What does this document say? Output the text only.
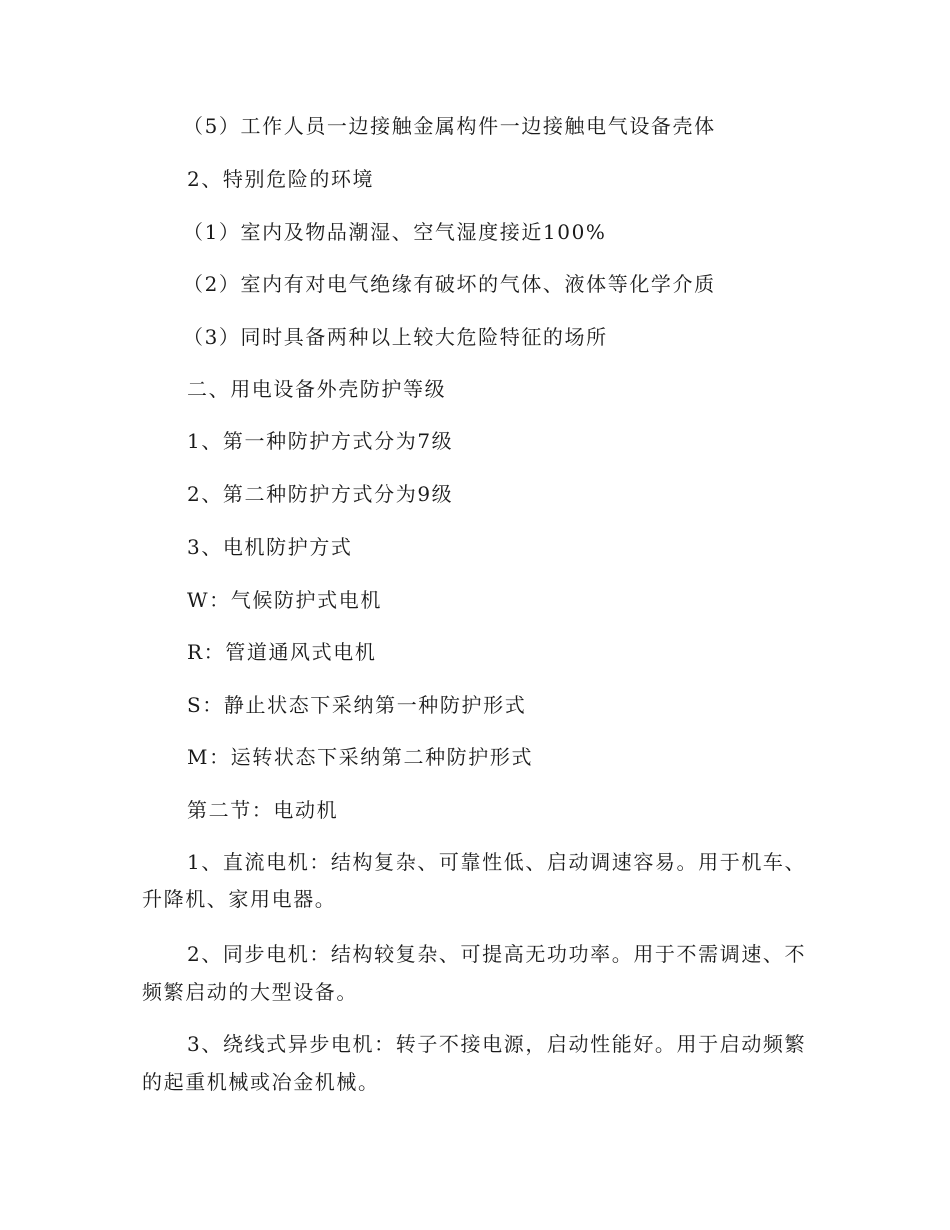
（5）工作人员一边接触金属构件一边接触电气设备壳体
2、特别危险的环境
（1）室内及物品潮湿、空气湿度接近100%
（2）室内有对电气绝缘有破坏的气体、液体等化学介质
（3）同时具备两种以上较大危险特征的场所
二、用电设备外壳防护等级
1、第一种防护方式分为7级
2、第二种防护方式分为9级
3、电机防护方式
W：气候防护式电机
R：管道通风式电机
S：静止状态下采纳第一种防护形式
M：运转状态下采纳第二种防护形式
第二节：电动机
1、直流电机：结构复杂、可靠性低、启动调速容易。用于机车、
升降机、家用电器。
2、同步电机：结构较复杂、可提高无功功率。用于不需调速、不
频繁启动的大型设备。
3、绕线式异步电机：转子不接电源，启动性能好。用于启动频繁
的起重机械或冶金机械。
